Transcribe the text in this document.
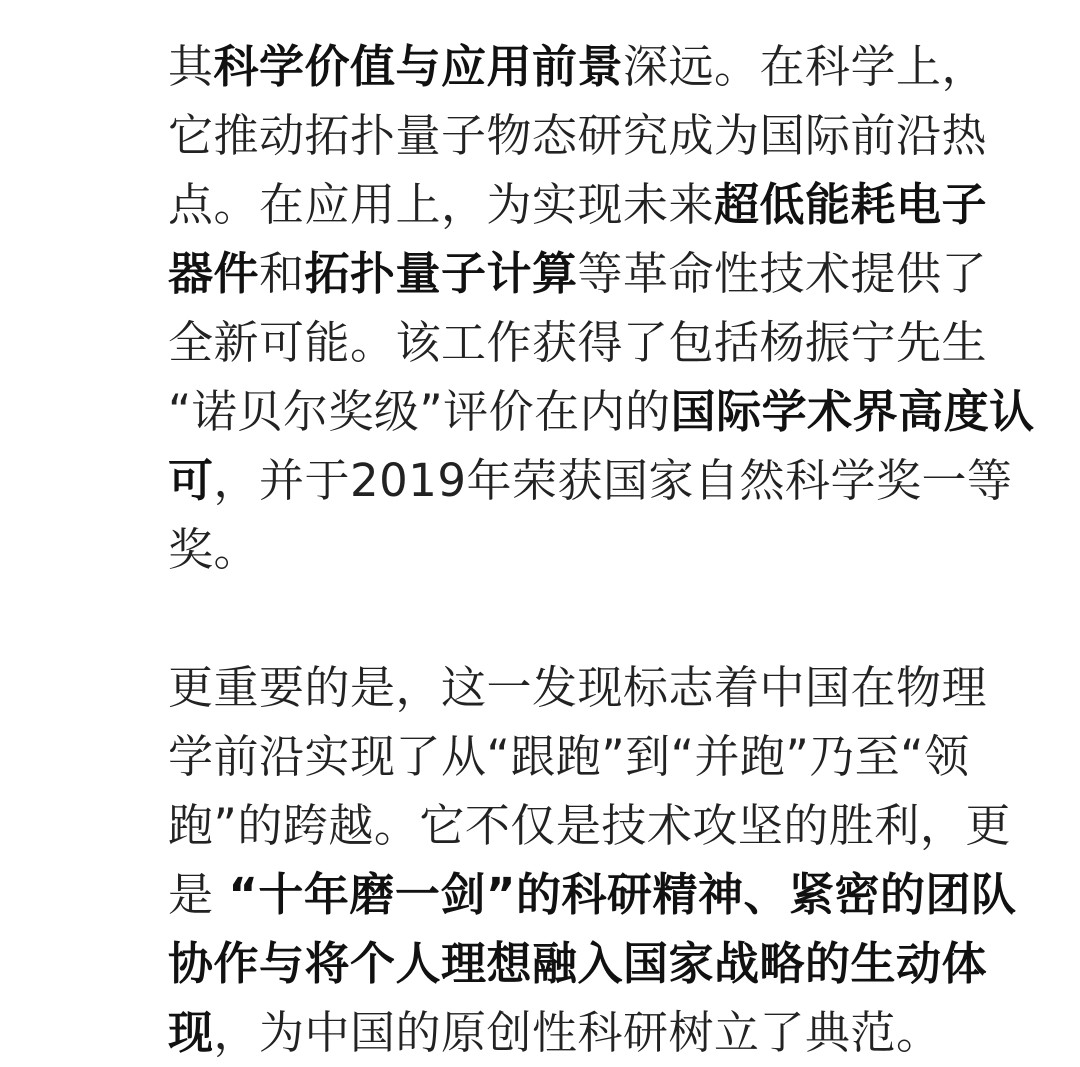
其科学价值与应用前景深远。在科学上，
它推动拓扑量子物态研究成为国际前沿热
点。在应用上，为实现未来超低能耗电子
器件和拓扑量子计算等革命性技术提供了
全新可能。该工作获得了包括杨振宁先生
“诺贝尔奖级”评价在内的国际学术界高度认
可，并于2019年荣获国家自然科学奖一等
奖。
更重要的是，这一发现标志着中国在物理
学前沿实现了从“跟跑”到“并跑”乃至“领
跑”的跨越。它不仅是技术攻坚的胜利，更
是 “十年磨一剑”的科研精神、紧密的团队
协作与将个人理想融入国家战略的生动体
现，为中国的原创性科研树立了典范。
